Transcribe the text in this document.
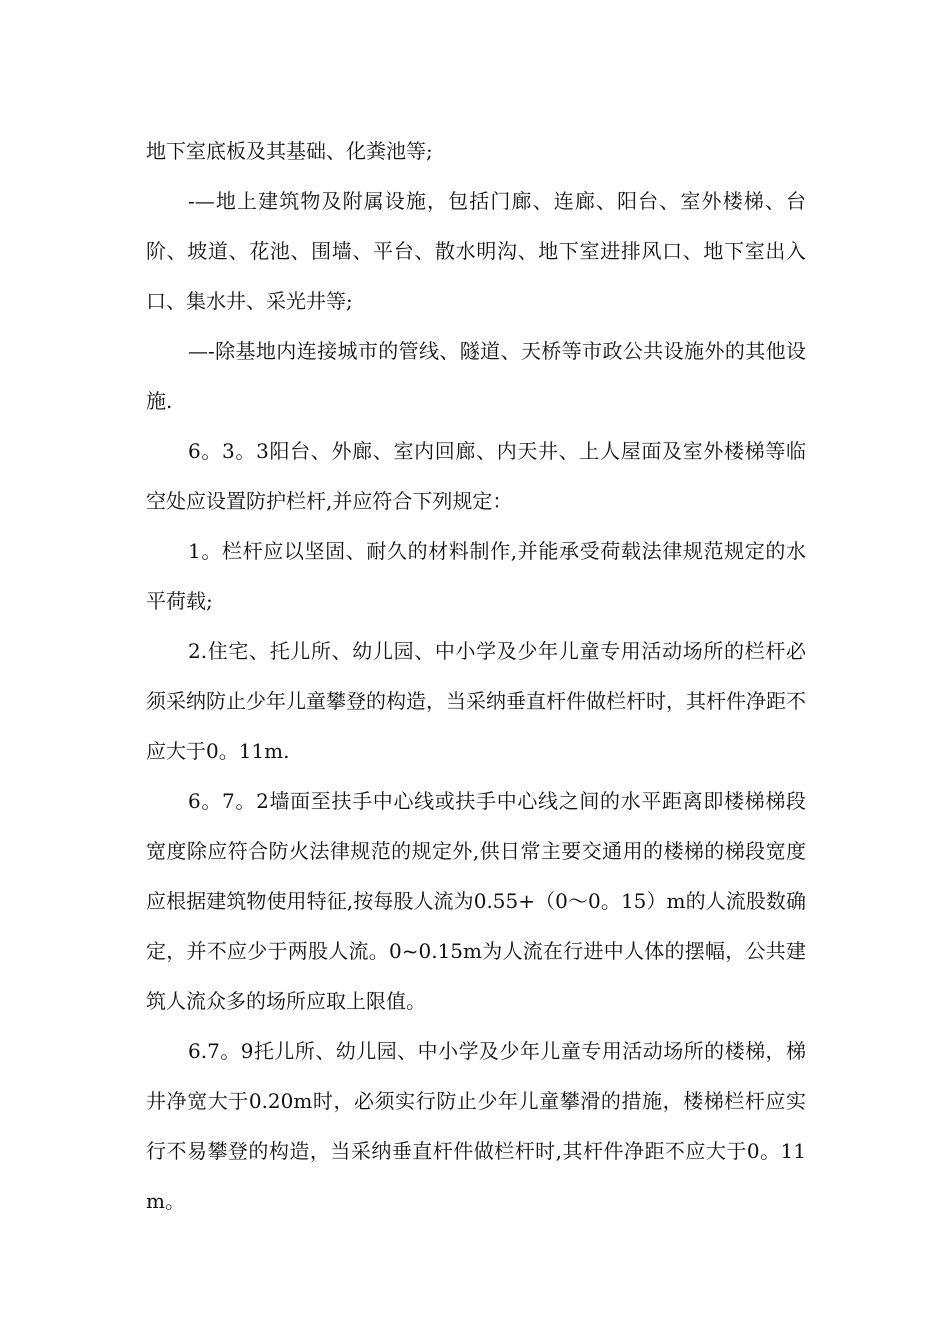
地下室底板及其基础、化粪池等;

-—地上建筑物及附属设施，包括门廊、连廊、阳台、室外楼梯、台阶、坡道、花池、围墙、平台、散水明沟、地下室进排风口、地下室出入口、集水井、采光井等;

—-除基地内连接城市的管线、隧道、天桥等市政公共设施外的其他设施.

6。3。3阳台、外廊、室内回廊、内天井、上人屋面及室外楼梯等临空处应设置防护栏杆,并应符合下列规定：

1。栏杆应以坚固、耐久的材料制作,并能承受荷载法律规范规定的水平荷载;

2.住宅、托儿所、幼儿园、中小学及少年儿童专用活动场所的栏杆必须采纳防止少年儿童攀登的构造，当采纳垂直杆件做栏杆时，其杆件净距不应大于0。11m.

6。7。2墙面至扶手中心线或扶手中心线之间的水平距离即楼梯梯段宽度除应符合防火法律规范的规定外,供日常主要交通用的楼梯的梯段宽度应根据建筑物使用特征,按每股人流为0.55+（0～0。15）m的人流股数确定，并不应少于两股人流。0~0.15m为人流在行进中人体的摆幅，公共建筑人流众多的场所应取上限值。

6.7。9托儿所、幼儿园、中小学及少年儿童专用活动场所的楼梯，梯井净宽大于0.20m时，必须实行防止少年儿童攀滑的措施，楼梯栏杆应实行不易攀登的构造，当采纳垂直杆件做栏杆时,其杆件净距不应大于0。11m。
